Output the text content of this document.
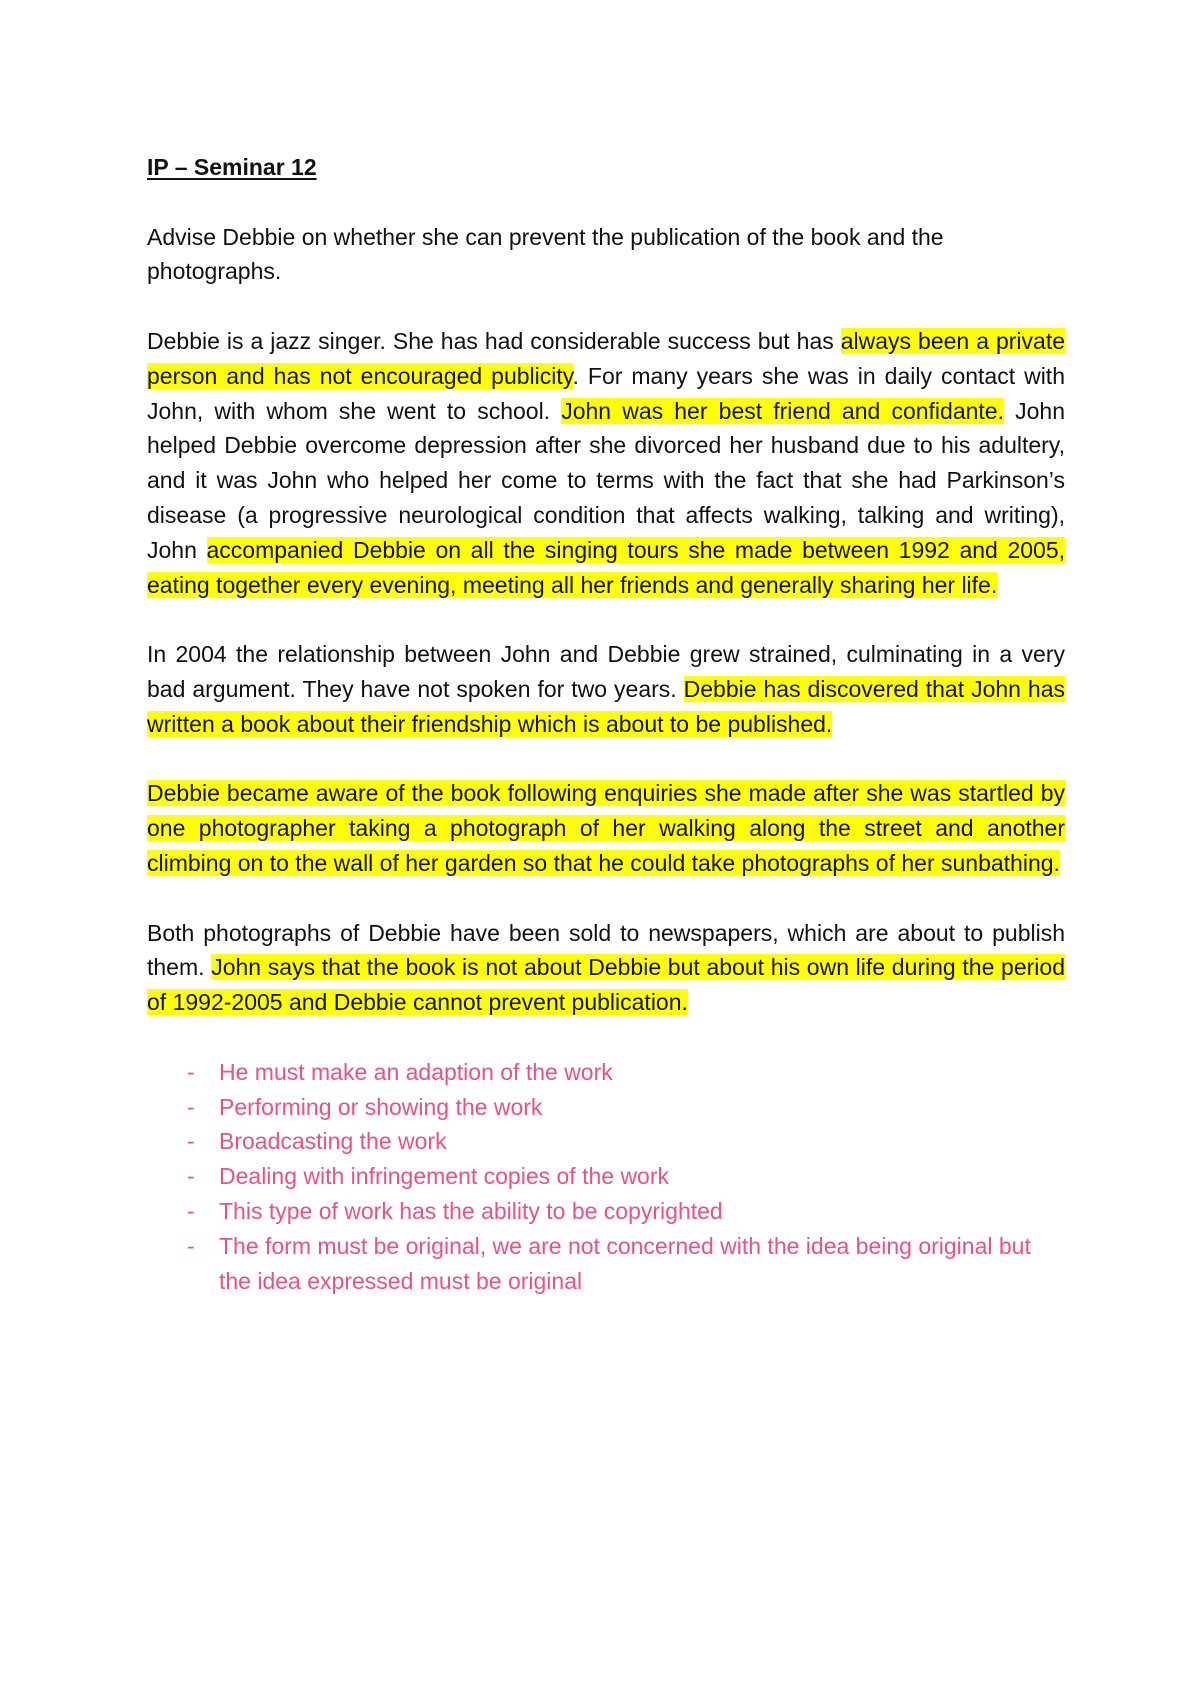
IP – Seminar 12

Advise Debbie on whether she can prevent the publication of the book and the photographs.

Debbie is a jazz singer. She has had considerable success but has always been a private person and has not encouraged publicity. For many years she was in daily contact with John, with whom she went to school. John was her best friend and confidante. John helped Debbie overcome depression after she divorced her husband due to his adultery, and it was John who helped her come to terms with the fact that she had Parkinson’s disease (a progressive neurological condition that affects walking, talking and writing), John accompanied Debbie on all the singing tours she made between 1992 and 2005, eating together every evening, meeting all her friends and generally sharing her life.

In 2004 the relationship between John and Debbie grew strained, culminating in a very bad argument. They have not spoken for two years. Debbie has discovered that John has written a book about their friendship which is about to be published.

Debbie became aware of the book following enquiries she made after she was startled by one photographer taking a photograph of her walking along the street and another climbing on to the wall of her garden so that he could take photographs of her sunbathing.

Both photographs of Debbie have been sold to newspapers, which are about to publish them. John says that the book is not about Debbie but about his own life during the period of 1992-2005 and Debbie cannot prevent publication.

- He must make an adaption of the work
- Performing or showing the work
- Broadcasting the work
- Dealing with infringement copies of the work
- This type of work has the ability to be copyrighted
- The form must be original, we are not concerned with the idea being original but the idea expressed must be original
